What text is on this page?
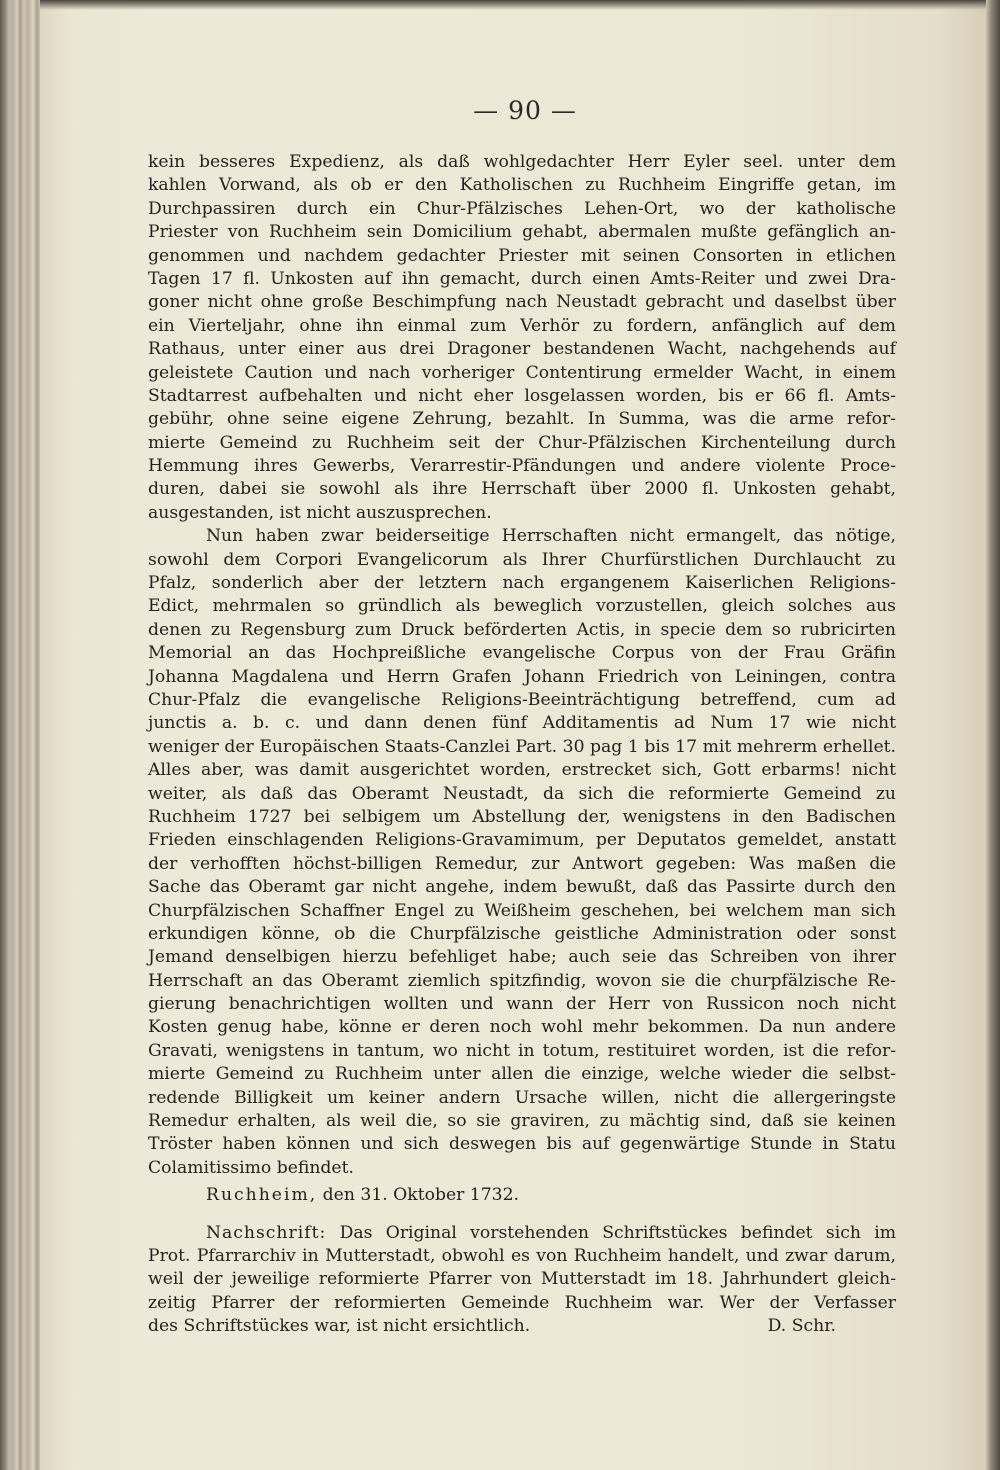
— 90 —
kein besseres Expedienz, als daß wohlgedachter Herr Eyler seel. unter dem
kahlen Vorwand, als ob er den Katholischen zu Ruchheim Eingriffe getan, im
Durchpassiren durch ein Chur-Pfälzisches Lehen-Ort, wo der katholische
Priester von Ruchheim sein Domicilium gehabt, abermalen mußte gefänglich an-
genommen und nachdem gedachter Priester mit seinen Consorten in etlichen
Tagen 17 fl. Unkosten auf ihn gemacht, durch einen Amts-Reiter und zwei Dra-
goner nicht ohne große Beschimpfung nach Neustadt gebracht und daselbst über
ein Vierteljahr, ohne ihn einmal zum Verhör zu fordern, anfänglich auf dem
Rathaus, unter einer aus drei Dragoner bestandenen Wacht, nachgehends auf
geleistete Caution und nach vorheriger Contentirung ermelder Wacht, in einem
Stadtarrest aufbehalten und nicht eher losgelassen worden, bis er 66 fl. Amts-
gebühr, ohne seine eigene Zehrung, bezahlt. In Summa, was die arme refor-
mierte Gemeind zu Ruchheim seit der Chur-Pfälzischen Kirchenteilung durch
Hemmung ihres Gewerbs, Verarrestir-Pfändungen und andere violente Proce-
duren, dabei sie sowohl als ihre Herrschaft über 2000 fl. Unkosten gehabt,
ausgestanden, ist nicht auszusprechen.
Nun haben zwar beiderseitige Herrschaften nicht ermangelt, das nötige,
sowohl dem Corpori Evangelicorum als Ihrer Churfürstlichen Durchlaucht zu
Pfalz, sonderlich aber der letztern nach ergangenem Kaiserlichen Religions-
Edict, mehrmalen so gründlich als beweglich vorzustellen, gleich solches aus
denen zu Regensburg zum Druck beförderten Actis, in specie dem so rubricirten
Memorial an das Hochpreißliche evangelische Corpus von der Frau Gräfin
Johanna Magdalena und Herrn Grafen Johann Friedrich von Leiningen, contra
Chur-Pfalz die evangelische Religions-Beeinträchtigung betreffend, cum ad
junctis a. b. c. und dann denen fünf Additamentis ad Num 17 wie nicht
weniger der Europäischen Staats-Canzlei Part. 30 pag 1 bis 17 mit mehrerm erhellet.
Alles aber, was damit ausgerichtet worden, erstrecket sich, Gott erbarms! nicht
weiter, als daß das Oberamt Neustadt, da sich die reformierte Gemeind zu
Ruchheim 1727 bei selbigem um Abstellung der, wenigstens in den Badischen
Frieden einschlagenden Religions-Gravamimum, per Deputatos gemeldet, anstatt
der verhofften höchst-billigen Remedur, zur Antwort gegeben: Was maßen die
Sache das Oberamt gar nicht angehe, indem bewußt, daß das Passirte durch den
Churpfälzischen Schaffner Engel zu Weißheim geschehen, bei welchem man sich
erkundigen könne, ob die Churpfälzische geistliche Administration oder sonst
Jemand denselbigen hierzu befehliget habe; auch seie das Schreiben von ihrer
Herrschaft an das Oberamt ziemlich spitzfindig, wovon sie die churpfälzische Re-
gierung benachrichtigen wollten und wann der Herr von Russicon noch nicht
Kosten genug habe, könne er deren noch wohl mehr bekommen. Da nun andere
Gravati, wenigstens in tantum, wo nicht in totum, restituiret worden, ist die refor-
mierte Gemeind zu Ruchheim unter allen die einzige, welche wieder die selbst-
redende Billigkeit um keiner andern Ursache willen, nicht die allergeringste
Remedur erhalten, als weil die, so sie graviren, zu mächtig sind, daß sie keinen
Tröster haben können und sich deswegen bis auf gegenwärtige Stunde in Statu
Colamitissimo befindet.
Ruchheim, den 31. Oktober 1732.
Nachschrift: Das Original vorstehenden Schriftstückes befindet sich im
Prot. Pfarrarchiv in Mutterstadt, obwohl es von Ruchheim handelt, und zwar darum,
weil der jeweilige reformierte Pfarrer von Mutterstadt im 18. Jahrhundert gleich-
zeitig Pfarrer der reformierten Gemeinde Ruchheim war. Wer der Verfasser
des Schriftstückes war, ist nicht ersichtlich.	D. Schr.
